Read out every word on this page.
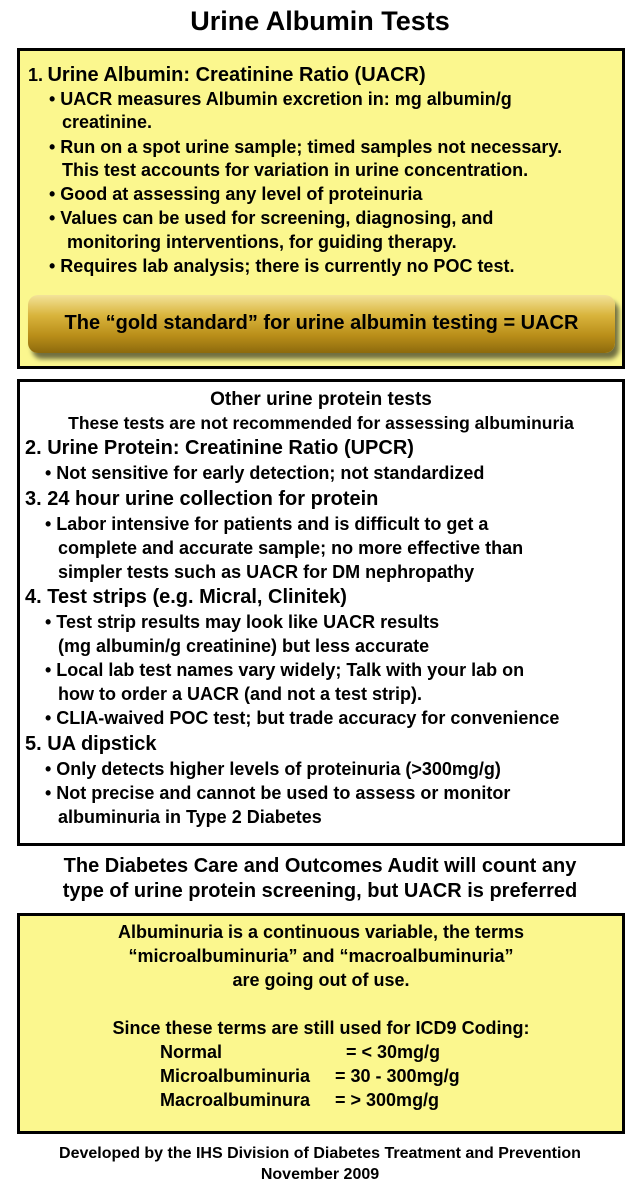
Urine Albumin Tests
1. Urine Albumin: Creatinine Ratio (UACR)
• UACR measures Albumin excretion in: mg albumin/g
creatinine.
• Run on a spot urine sample; timed samples not necessary.
This test accounts for variation in urine concentration.
• Good at assessing any level of proteinuria
• Values can be used for screening, diagnosing, and
monitoring interventions, for guiding therapy.
• Requires lab analysis; there is currently no POC test.
The “gold standard” for urine albumin testing = UACR
Other urine protein tests
These tests are not recommended for assessing albuminuria
2. Urine Protein: Creatinine Ratio (UPCR)
• Not sensitive for early detection; not standardized
3. 24 hour urine collection for protein
• Labor intensive for patients and is difficult to get a
complete and accurate sample; no more effective than
simpler tests such as UACR for DM nephropathy
4. Test strips (e.g. Micral, Clinitek)
• Test strip results may look like UACR results
(mg albumin/g creatinine) but less accurate
• Local lab test names vary widely; Talk with your lab on
how to order a UACR (and not a test strip).
• CLIA-waived POC test; but trade accuracy for convenience
5. UA dipstick
• Only detects higher levels of proteinuria (>300mg/g)
• Not precise and cannot be used to assess or monitor
albuminuria in Type 2 Diabetes
The Diabetes Care and Outcomes Audit will count any
type of urine protein screening, but UACR is preferred
Albuminuria is a continuous variable, the terms
“microalbuminuria” and “macroalbuminuria”
are going out of use.
Since these terms are still used for ICD9 Coding:
Normal	= < 30mg/g
Microalbuminuria = 30 - 300mg/g
Macroalbuminura = > 300mg/g
Developed by the IHS Division of Diabetes Treatment and Prevention
November 2009
